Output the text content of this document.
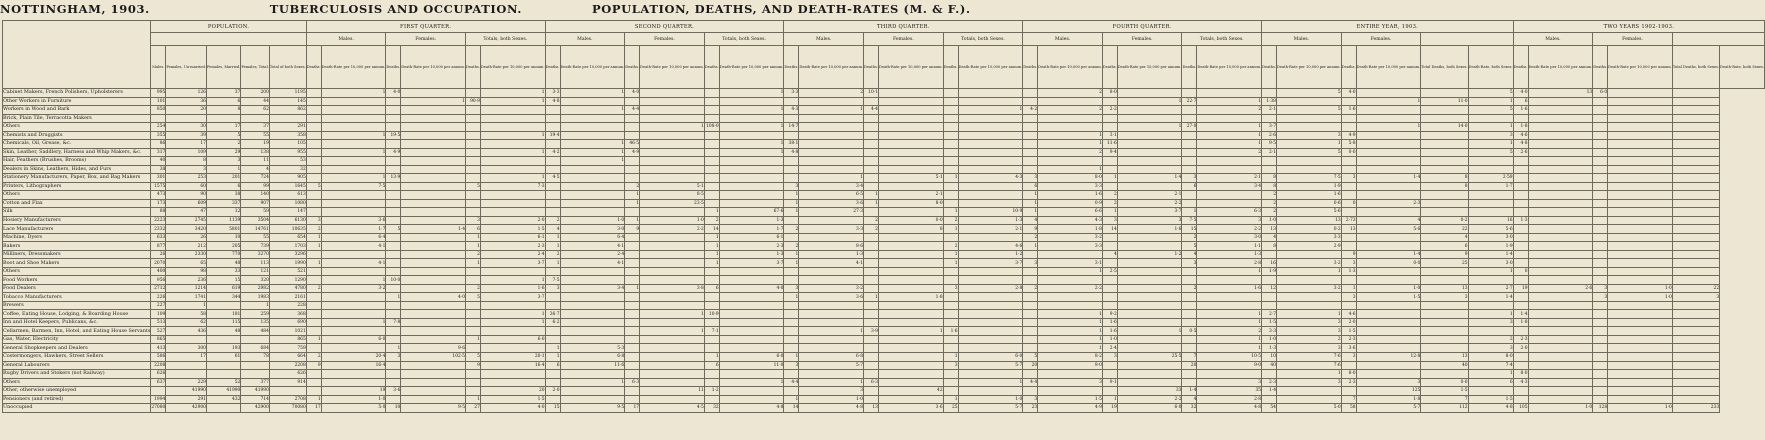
NOTTINGHAM, 1903.	TUBERCULOSIS AND OCCUPATION.	POPULATION, DEATHS, AND DEATH-RATES (M. & F.).
	POPULATION.					FIRST QUARTER.						SECOND QUARTER.						THIRD QUARTER.						FOURTH QUARTER.						ENTIRE YEAR, 1903.						TWO YEARS 1902-1903.					
						Males.		Females.		Totals, both Sexes.		Males.		Females.		Totals, both Sexes.		Males.		Females.		Totals, both Sexes.		Males.		Females.		Totals, both Sexes.		Males.		Females.				Males.		Females.			
	Males.	Females, Un-married.	Females, Married.	Females, Total.	Total of both Sexes.	Deaths.	Death-Rate per 10,000 per annum.	Deaths.	Death-Rate per 10,000 per annum.	Deaths.	Death-Rate per 10,000 per annum.	Deaths.	Death-Rate per 10,000 per annum.	Deaths.	Death-Rate per 10,000 per annum.	Deaths.	Death-Rate per 10,000 per annum.	Deaths.	Death-Rate per 10,000 per annum.	Deaths.	Death-Rate per 10,000 per annum.	Deaths.	Death-Rate per 10,000 per annum.	Deaths.	Death-Rate per 10,000 per annum.	Deaths.	Death-Rate per 10,000 per annum.	Deaths.	Death-Rate per 10,000 per annum.	Deaths.	Death-Rate per 10,000 per annum.	Deaths.	Death-Rate per 10,000 per annum.	Total Deaths, both Sexes.	Death-Rate, both Sexes.	Deaths.	Death-Rate per 10,000 per annum.	Deaths.	Death-Rate per 10,000 per annum.	Total Deaths, both Sexes.	Death-Rate, both Sexes.
Cabinet Makers, French Polishers, Upholsterers	995	126	37	200	1195		1	4·0			1	3·3	1	4·0			1	3·3	2	10·1					2	8·0					5	4·0			5	4·0	13	6·0			
Other Workers in Furniture	101	36	6	44	145				1	90·9	1	4·8															1	22·7	1	1·38			1	11·0	1	6					
Workers in Wood and Bark	850	20	8	62	862								1	4·4			1	4·3	1	4·4			1	4·2	2	2·2			2	2·1	5	1·6			5	1·6					
Brick, Plain Tile, Terracotta Makers																																									
Others	254	30	17	37	291										1	108·0	1	14·7									1	27·0	1	3·7			1	14·0	1	1·8					
Chemists and Druggists	355	39	5	55	358		1	19·5			1	19·4													1	3·1			1	2·6	3	4·9			3	4·6					
Chemicals, Oil, Grease, &c.	86	17	2	19	105								1	46·5			1	38·1							1	11·6			1	9·5	1	5·8			1	4·8					
Skin, Leather, Saddlery, Harness and Whip Makers, &c.	317	109	29	138	955		1	4·9			1	4·2	1	4·9			1	4·8							2	9·4			2	2·1	5	0·0			5	2·6					
Hair, Feathers (Brushes, Brooms)	40	8	3	11	53								1																												
Dealers in Skins, Leathers, Hides, and Furs	38	3	1	4	32																				1																
Stationery Manufacturers, Paper, Box, and Bag Makers	301	253	201	724	905		1	13·9			1	4·5							1		5·1	1	4·3	3	8·0	1	1·4	3	2·1	8	7·5	3	1·4	8	2·59						
Printers, Lithographers	1575	60	6	99	1645	5	7·5			5	7·3			2	5·1			3	3·4					6	3·3			6	3·4	8	1·9			8	1·7						
Others	473	90	38	140	613									1	8·5			1	6·5	1	2·1			1	1·6	2	2·1			2	1·6										
Cotton and Flax	173	609	337	907	1080									1	23·5			1	3·6	1	8·0			1	0·9	2	2·2			2	0·6	0	2·3								
Silk	88	47	12	59	147											1	67·6	1	27·3			1	10·9	1	6·6	1	3·7	1	6·3	2	5·6										
Hosiery Manufacturers	2223	2745	1139	3504	6130	3	3·6			3	2·0	2	1·0	1	1·0	2	1·3			2	0·0	2	1·3	4	4·3	3	3	7·5	3	1·0	13	2·73	4	0·2	16	1·3					
Lace Manufacturers	2332	3420	5801	14761	10635	2	1·7	5	1·4	6	1·5	4	3·0	9	2·2	14	1·7	2	3·3	2	8	1	2·1	9	1·8	14	1·6	15	2·2	13	0·2	13	5·6	22	5·6						
Machine, Dyers	633	26	10	55	654	1	6·4			1	6·1	1	6·4			1	6·1							2	3·2			2	3·0	4	3·3			4	3·0						
Bakers	877	212	205	739	1703	1	4·1			1	2·3	1	4·1			1	2·3	2	8·6			2	4·6	1	3·3			5	1·1	8	2·9			6	1·9						
Milliners, Dressmakers	26	2330	770	3270	3296					2	2·4	2	2·4			1	1·3	1	1·3			1	1·2			4	1·2	4	1·3			9	1·4	9	1·4						
Boot and Shoe Makers	2070	65	48	113	1990	1	4·1			1	3·7	1	4·1			1	3·7	1	4·1			1	3·7	3	3·1			3	2·8	16	3·2	3	0·0	25	3·0						
Others	400	98	33	121	521																				1	2·5			1	1·9	1	1·3			1	0					
Food Workers	956	236	15	320	1290		1	10·0			1	7·5																													
Food Dealers	2712	1214	619	2982	4780	2	3·2			2	1·6	3	3·4	1	3·8	6	4·0	3	3·2			3	2·8	2	2·2			2	1·6	12	3·2	1	1·0	13	2·7	19	2·6	3	1·0	22	
Tobacco Manufacturers	226	1741	344	1983	2161			1	4·0	5	3·7							1	3·6	1	1·8											3	1·5	3	1·4			3	1·0	3	
Brewers	227	1		1	228																																				
Coffee, Eating House, Lodging, & Boarding House	109	58	181	259	368						1	36·7			1	10·9									1	9·2			1	2·7	1	4·6			1	1·4					
Inn and Hotel Keepers, Publicans, &c.	513	62	115	135	690		1	7·8			1	6·2													1	1·6			1	1·5	3	2·0			3	1·8					
Cellarmen, Barmen, Inn, Hotel, and Eating House Servants	527	436	48	484	1021										1	7·1			1	3·9	1	1·6			1	1·6	1	0·5	2	3·3	3	1·5									
Gas, Water, Electricity	865				865	1	6·0			1	6·0														1	1·0			1	1·0	2	2·3			2	2·3					
General Shopkeepers and Dealers	413	300	193	684	759			1	9·6			1	5·3												1	2·4			1	1·3	3	3·6			3	2·0					
Costermongers, Hawkers, Street Sellers	586	17	61	78	664	2	20·4	3	102·5	5	20·1	1	6·8			1	6·0	1	6·8			1	6·0	5	8·2	3	25·5	7	10·5	10	7·6	3	12·8	13	8·0						
General Labourers	2208				2208	9	16·4			9	16·4	6	11·6			6	11·0	3	5·7			3	5·7	20	9·0			20	9·0	40	7·6			40	7·4						
Rugby Drivers and Stokers (not Railway)	626				626																										1	8·0			1	8·0					
Others	637	229	52	377	914								1	6·3			1	4·4	1	6·3			1	4·4	3	9·1			3	2·3	3	2·3	3	0·0	6	4·3					
Other, otherwise unemployed		41990	41990	41990			19	3·6			20	2·0			11	1·2			3		42						33	1·4	35	1·4			125	1·5							
Pensioners (and retired)	1994	291	432	714	2708	1	1·0			1	1·5							1	1·0			1	1·0	3	1·5	1	2·2	4	2·8			7	1·8	7	1·5						
Unoccupied	27080	42900		42900	70080	17	5·0	10	9·5	27	4·0	15	9·5	17	4·5	32	4·8	14	4·8	13	3·6	25	5·7	23	4·9	19	6·0	32	4·8	54	5·0	58	5·7	112	4·8	105	1·0	128	1·0	233	
